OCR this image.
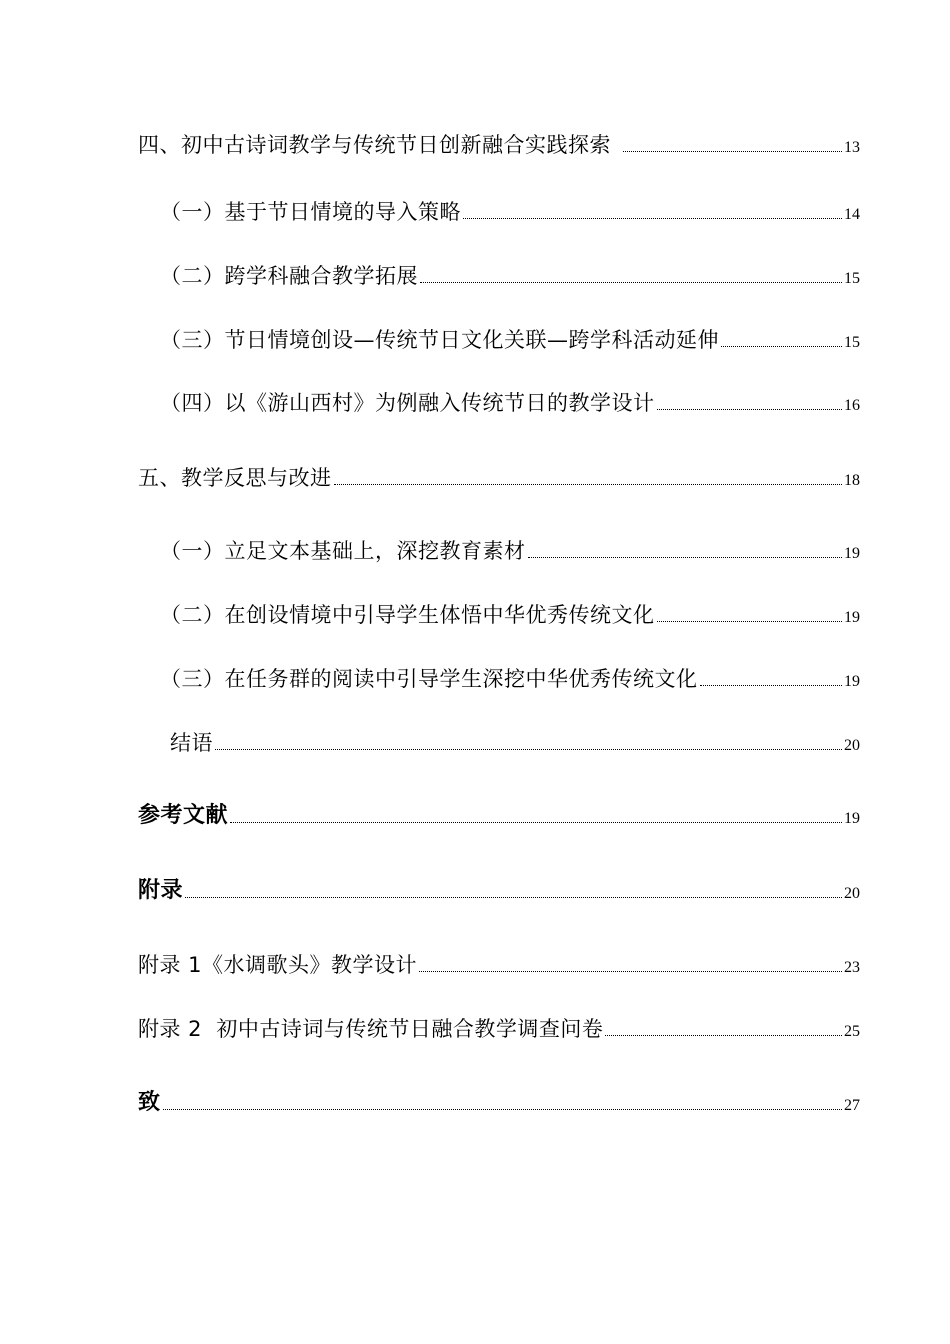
四、初中古诗词教学与传统节日创新融合实践探索	13
（一）基于节日情境的导入策略	14
（二）跨学科融合教学拓展	15
（三）节日情境创设—传统节日文化关联—跨学科活动延伸	15
（四）以《游山西村》为例融入传统节日的教学设计	16
五、教学反思与改进	18
（一）立足文本基础上，深挖教育素材	19
（二）在创设情境中引导学生体悟中华优秀传统文化	19
（三）在任务群的阅读中引导学生深挖中华优秀传统文化	19
结语	20
参考文献	19
附录	20
附录 1《水调歌头》教学设计	23
附录 2  初中古诗词与传统节日融合教学调查问卷	25
致	27
